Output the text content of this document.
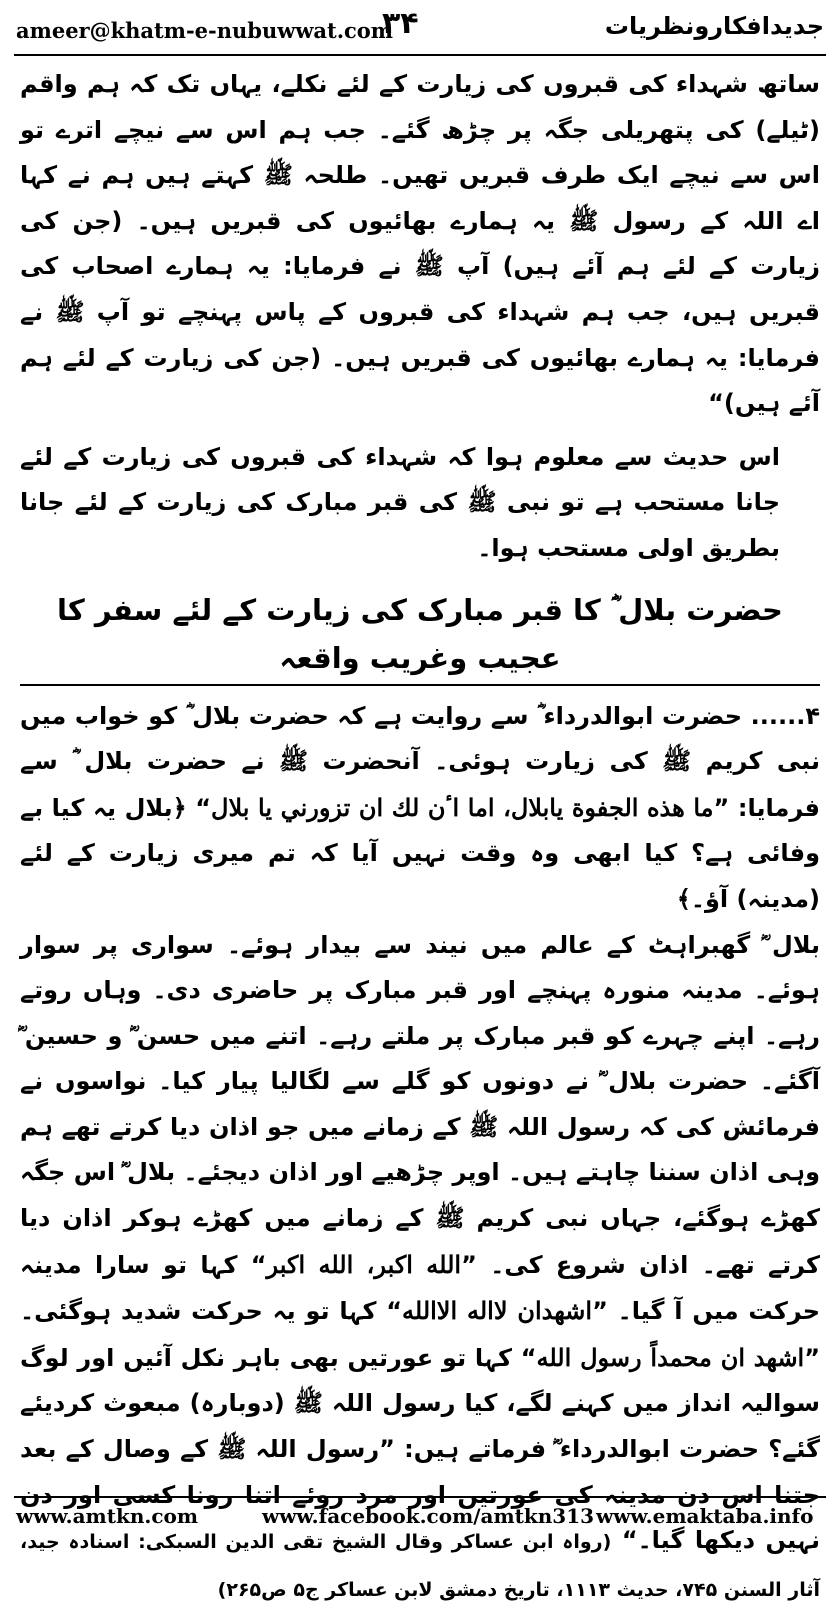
ameer@khatm-e-nubuwwat.com
۳۴	جدیدافکارونظریات

ساتھ شہداء کی قبروں کی زیارت کے لئے نکلے، یہاں تک کہ ہم واقم (ٹیلے) کی پتھریلی جگہ پر چڑھ گئے۔ جب ہم اس سے نیچے اترے تو اس سے نیچے ایک طرف قبریں تھیں۔ طلحہ ﷺ کہتے ہیں ہم نے کہا اے اللہ کے رسول ﷺ یہ ہمارے بھائیوں کی قبریں ہیں۔ (جن کی زیارت کے لئے ہم آئے ہیں) آپ ﷺ نے فرمایا: یہ ہمارے اصحاب کی قبریں ہیں، جب ہم شہداء کی قبروں کے پاس پہنچے تو آپ ﷺ نے فرمایا: یہ ہمارے بھائیوں کی قبریں ہیں۔ (جن کی زیارت کے لئے ہم آئے ہیں)“

اس حدیث سے معلوم ہوا کہ شہداء کی قبروں کی زیارت کے لئے جانا مستحب ہے تو نبی ﷺ کی قبر مبارک کی زیارت کے لئے جانا بطریق اولی مستحب ہوا۔

حضرت بلال ؓ کا قبر مبارک کی زیارت کے لئے سفر کا عجیب وغریب واقعہ

۴...... حضرت ابوالدرداء ؓ سے روایت ہے کہ حضرت بلال ؓ کو خواب میں نبی کریم ﷺ کی زیارت ہوئی۔ آنحضرت ﷺ نے حضرت بلال ؓ سے فرمایا: ”ما هذه الجفوة يابلال، اما اٴن لك ان تزورني يا بلال“ ﴿بلال یہ کیا بے وفائی ہے؟ کیا ابھی وہ وقت نہیں آیا کہ تم میری زیارت کے لئے (مدینہ) آؤ۔﴾

بلال ؓ گھبراہٹ کے عالم میں نیند سے بیدار ہوئے۔ سواری پر سوار ہوئے۔ مدینہ منورہ پہنچے اور قبر مبارک پر حاضری دی۔ وہاں روتے رہے۔ اپنے چہرے کو قبر مبارک پر ملتے رہے۔ اتنے میں حسن ؓ و حسین ؓ آگئے۔ حضرت بلال ؓ نے دونوں کو گلے سے لگالیا پیار کیا۔ نواسوں نے فرمائش کی کہ رسول اللہ ﷺ کے زمانے میں جو اذان دیا کرتے تھے ہم وہی اذان سننا چاہتے ہیں۔ اوپر چڑھیے اور اذان دیجئے۔ بلال ؓ اس جگہ کھڑے ہوگئے، جہاں نبی کریم ﷺ کے زمانے میں کھڑے ہوکر اذان دیا کرتے تھے۔ اذان شروع کی۔ ”الله اكبر، الله اكبر“ کہا تو سارا مدینہ حرکت میں آ گیا۔ ”اشهدان لااله الاالله“ کہا تو یہ حرکت شدید ہوگئی۔ ”اشهد ان محمداً رسول الله“ کہا تو عورتیں بھی باہر نکل آئیں اور لوگ سوالیہ انداز میں کہنے لگے، کیا رسول اللہ ﷺ (دوبارہ) مبعوث کردیئے گئے؟ حضرت ابوالدرداء ؓ فرماتے ہیں: ”رسول اللہ ﷺ کے وصال کے بعد جتنا اس دن مدینہ کی عورتیں اور مرد روئے اتنا رونا کسی اور دن نہیں دیکھا گیا۔“ (رواہ ابن عساکر وقال الشیخ تقی الدین السبکی: اسنادہ جید، آثار السنن ۷۴۵، حدیث ۱۱۱۳، تاریخ دمشق لابن عساکر ج۵ ص۲۶۵)

www.amtkn.com	www.facebook.com/amtkn313 www.emaktaba.info
